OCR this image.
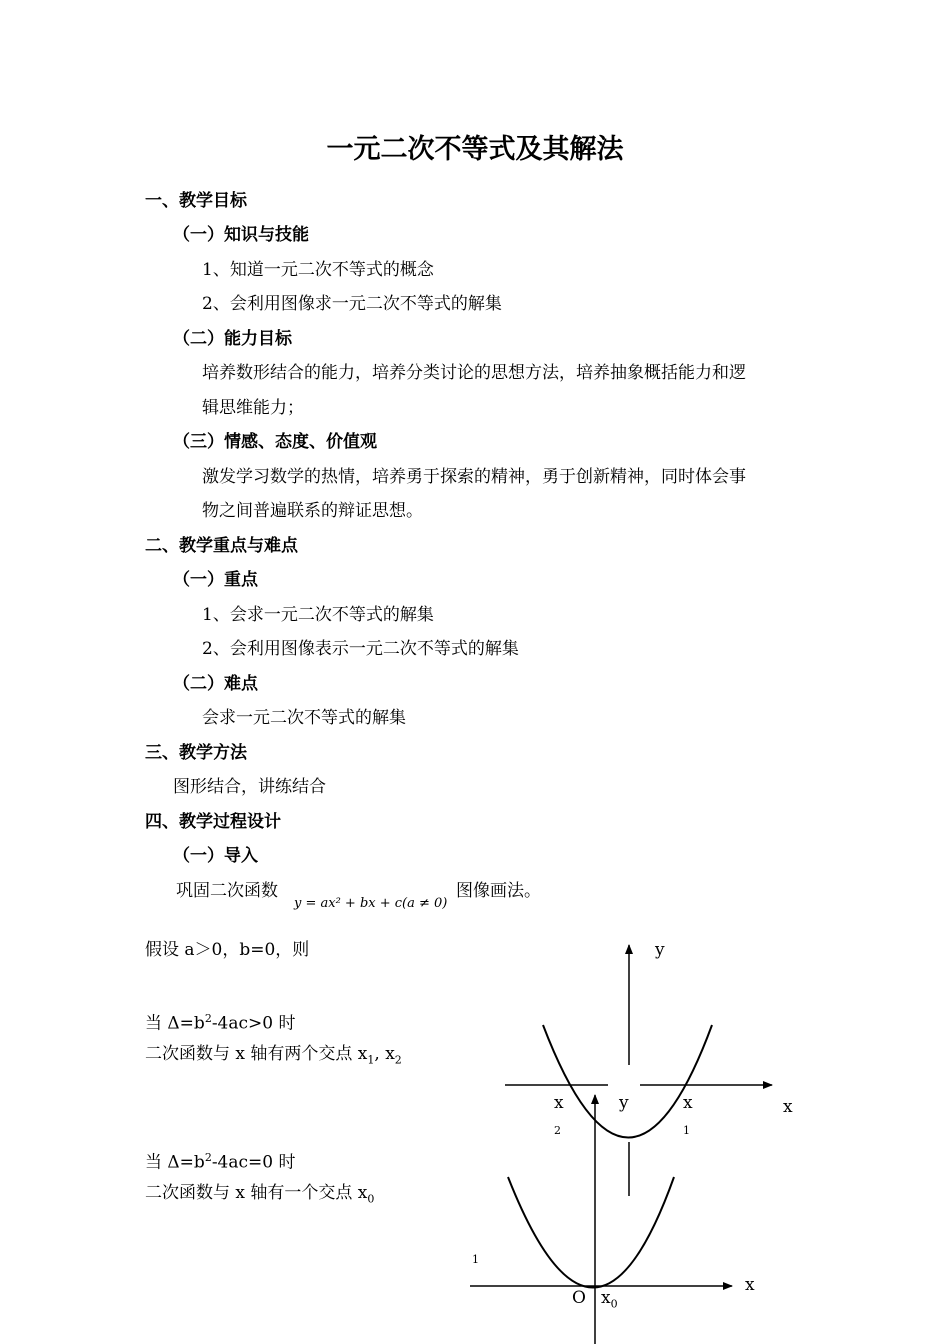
一元二次不等式及其解法
一、教学目标
（一）知识与技能
1、知道一元二次不等式的概念
2、会利用图像求一元二次不等式的解集
（二）能力目标
培养数形结合的能力，培养分类讨论的思想方法，培养抽象概括能力和逻
辑思维能力；
（三）情感、态度、价值观
激发学习数学的热情，培养勇于探索的精神，勇于创新精神，同时体会事
物之间普遍联系的辩证思想。
二、教学重点与难点
（一）重点
1、会求一元二次不等式的解集
2、会利用图像表示一元二次不等式的解集
（二）难点
会求一元二次不等式的解集
三、教学方法
图形结合，讲练结合
四、教学过程设计
（一）导入
巩固二次函数
y = ax² + bx + c(a ≠ 0)
图像画法。
假设 a＞0，b=0，则
当 $\Delta=b^2-4ac>0$ 时
二次函数与 x 轴有两个交点 $x_1$, $x_2$
当 $\Delta=b^2-4ac=0$ 时
二次函数与 x 轴有一个交点 $x_0$
y
x
x
2
x
1
y
x
1
O $x_0$
